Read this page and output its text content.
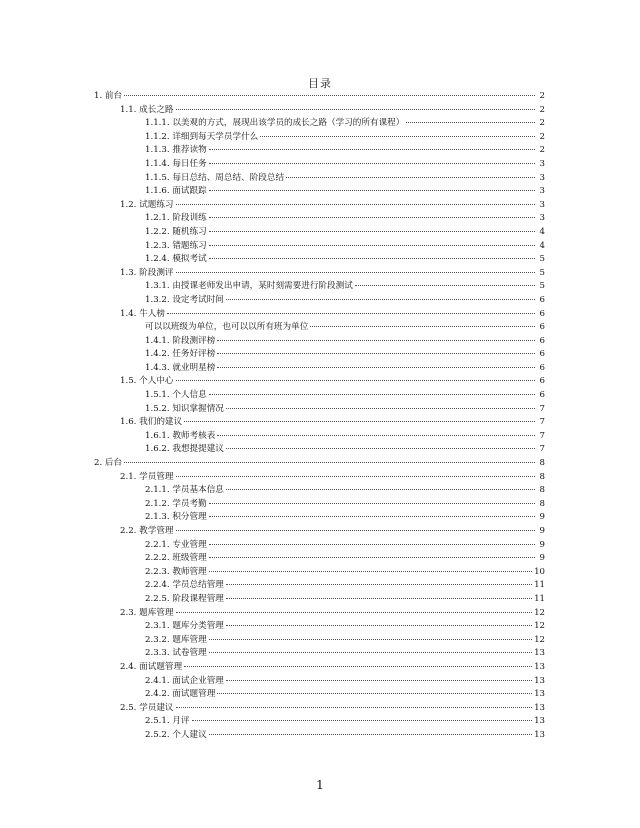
目录
1. 前台	2
1.1. 成长之路	2
1.1.1. 以美观的方式，展现出该学员的成长之路（学习的所有课程）	2
1.1.2. 详细到每天学员学什么	2
1.1.3. 推荐读物	2
1.1.4. 每日任务	3
1.1.5. 每日总结、周总结、阶段总结	3
1.1.6. 面试跟踪	3
1.2. 试题练习	3
1.2.1. 阶段训练	3
1.2.2. 随机练习	4
1.2.3. 错题练习	4
1.2.4. 模拟考试	5
1.3. 阶段测评	5
1.3.1. 由授课老师发出申请，某时刻需要进行阶段测试	5
1.3.2. 设定考试时间	6
1.4. 牛人榜	6
可以以班级为单位，也可以以所有班为单位	6
1.4.1. 阶段测评榜	6
1.4.2. 任务好评榜	6
1.4.3. 就业明星榜	6
1.5. 个人中心	6
1.5.1. 个人信息	6
1.5.2. 知识掌握情况	7
1.6. 我们的建议	7
1.6.1. 教师考核表	7
1.6.2. 我想提提建议	7
2. 后台	8
2.1. 学员管理	8
2.1.1. 学员基本信息	8
2.1.2. 学员考勤	8
2.1.3. 积分管理	9
2.2. 教学管理	9
2.2.1. 专业管理	9
2.2.2. 班级管理	9
2.2.3. 教师管理	10
2.2.4. 学员总结管理	11
2.2.5. 阶段课程管理	11
2.3. 题库管理	12
2.3.1. 题库分类管理	12
2.3.2. 题库管理	12
2.3.3. 试卷管理	13
2.4. 面试题管理	13
2.4.1. 面试企业管理	13
2.4.2. 面试题管理	13
2.5. 学员建议	13
2.5.1. 月评	13
2.5.2. 个人建议	13
1
